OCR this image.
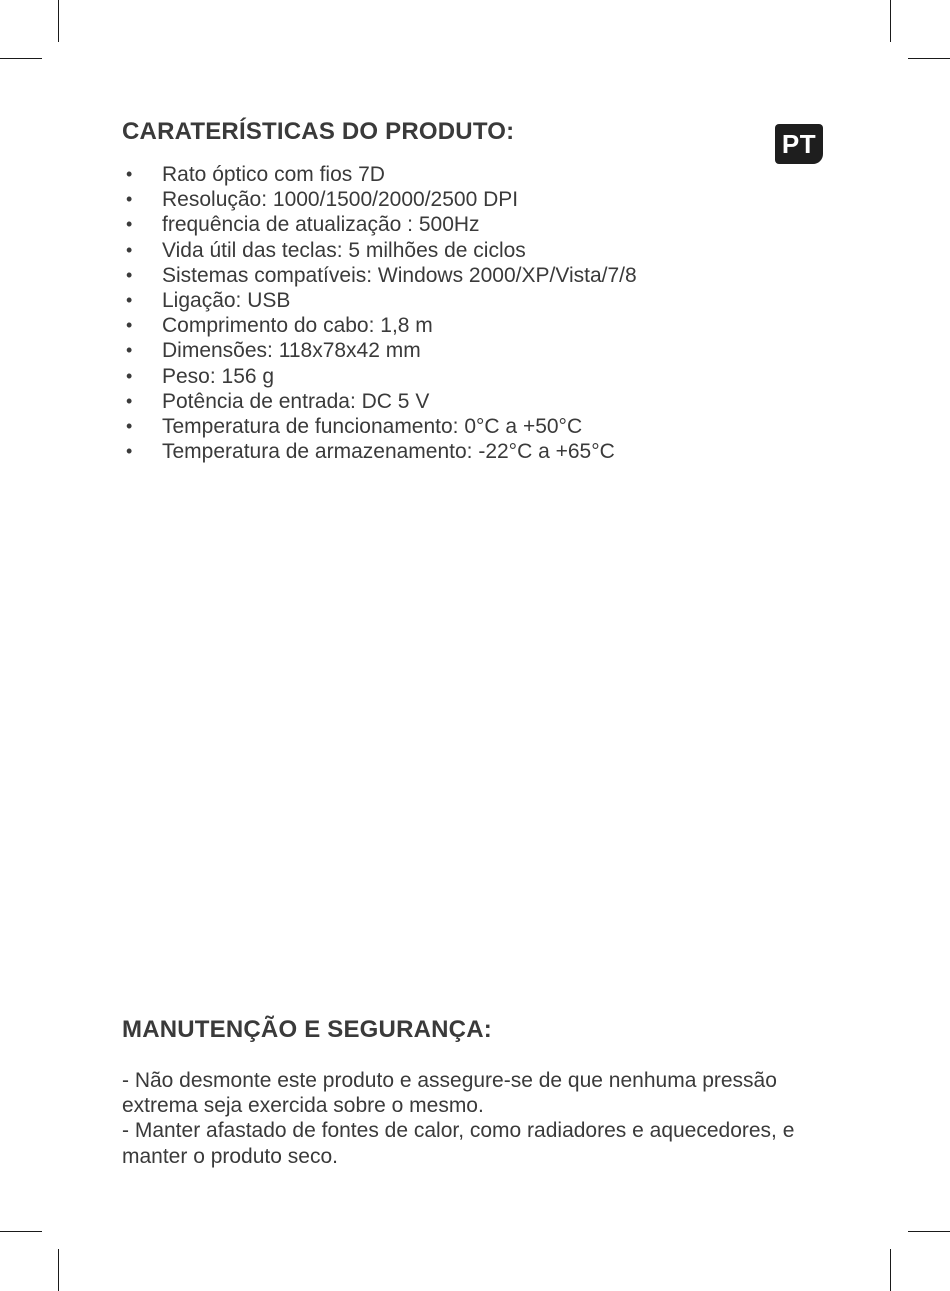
PT
CARATERÍSTICAS DO PRODUTO:
• Rato óptico com fios 7D
• Resolução: 1000/1500/2000/2500 DPI
• frequência de atualização : 500Hz
• Vida útil das teclas: 5 milhões de ciclos
• Sistemas compatíveis: Windows 2000/XP/Vista/7/8
• Ligação: USB
• Comprimento do cabo: 1,8 m
• Dimensões: 118x78x42 mm
• Peso: 156 g
• Potência de entrada: DC 5 V
• Temperatura de funcionamento: 0°C a +50°C
• Temperatura de armazenamento: -22°C a +65°C
MANUTENÇÃO E SEGURANÇA:

- Não desmonte este produto e assegure-se de que nenhuma pressão extrema seja exercida sobre o mesmo.

- Manter afastado de fontes de calor, como radiadores e aquecedores, e manter o produto seco.
